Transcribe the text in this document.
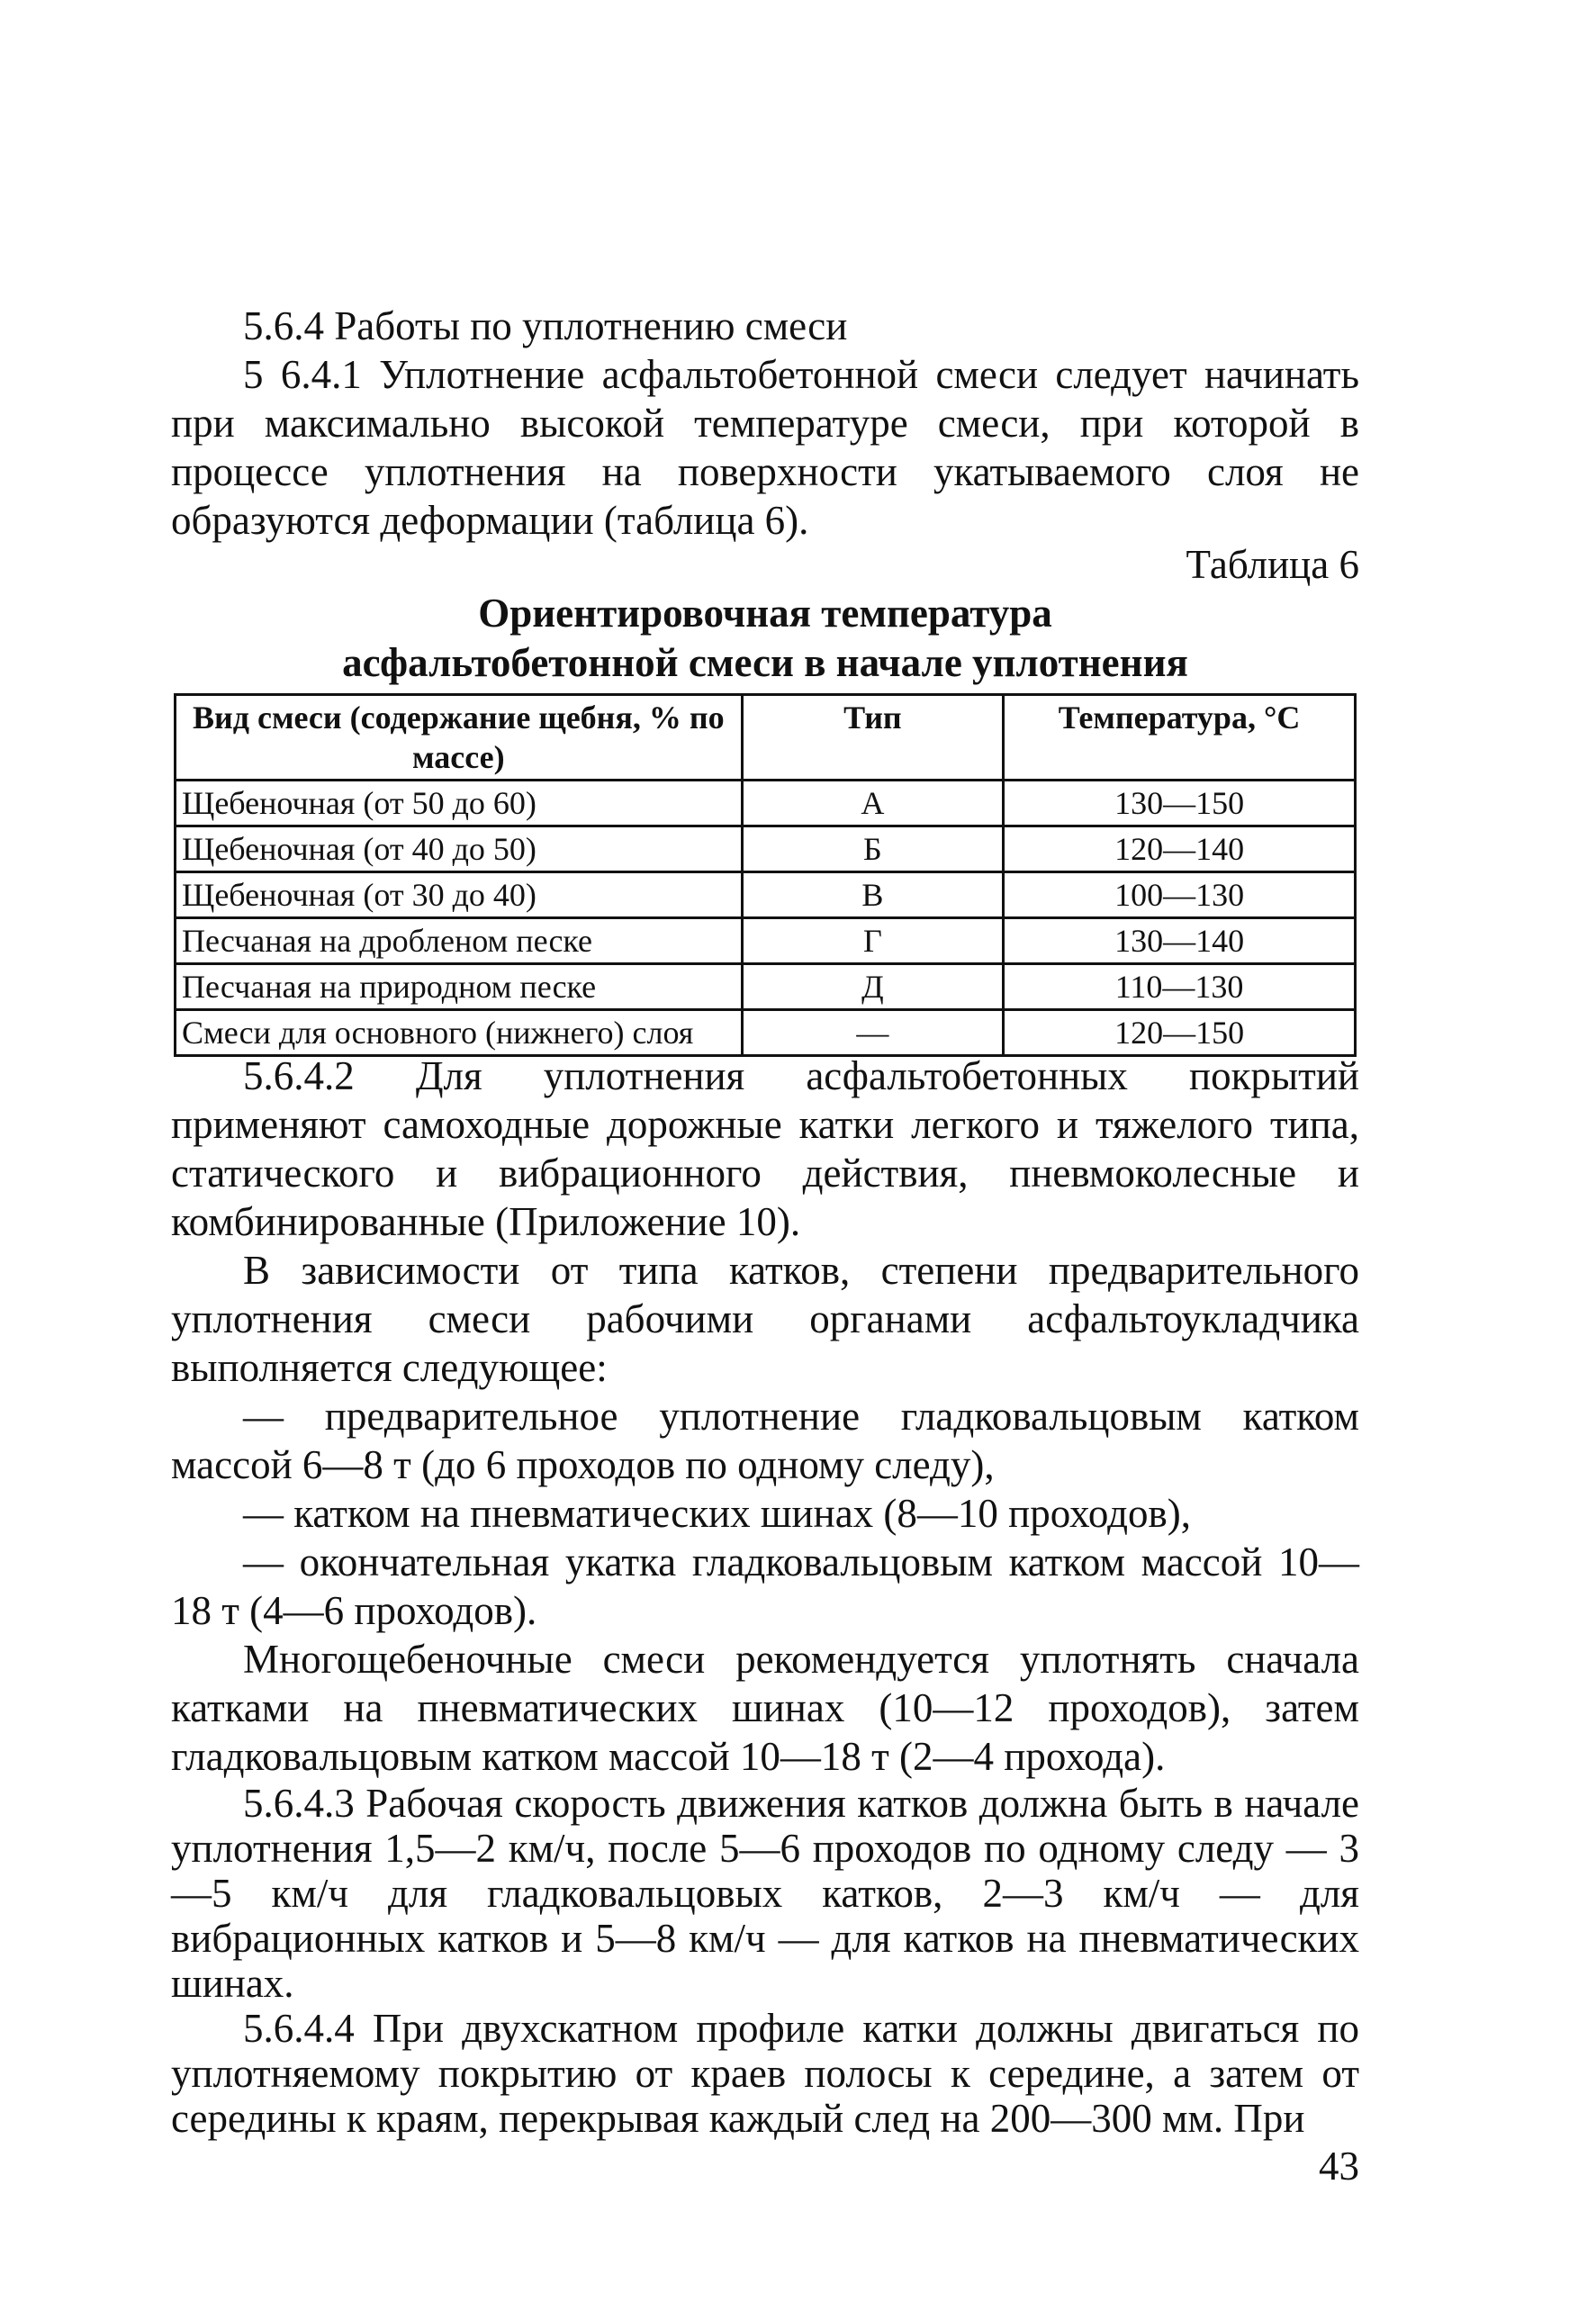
5.6.4 Работы по уплотнению смеси

5 6.4.1 Уплотнение асфальтобетонной смеси следует начинать при максимально высокой температуре смеси, при которой в процессе уплотнения на поверхности укатываемого слоя не образуются деформации (таблица 6).

Таблица 6
Ориентировочная температура
асфальтобетонной смеси в начале уплотнения
Вид смеси (содержание щебня, % по массе)	Тип	Температура, °С
Щебеночная (от 50 до 60)	А	130—150
Щебеночная (от 40 до 50)	Б	120—140
Щебеночная (от 30 до 40)	В	100—130
Песчаная на дробленом песке	Г	130—140
Песчаная на природном песке	Д	110—130
Смеси для основного (нижнего) слоя	—	120—150

5.6.4.2 Для уплотнения асфальтобетонных покрытий применяют самоходные дорожные катки легкого и тяжелого типа, статического и вибрационного действия, пневмоколесные и комбинированные (Приложение 10).

В зависимости от типа катков, степени предварительного уплотнения смеси рабочими органами асфальтоукладчика выполняется следующее:

— предварительное уплотнение гладковальцовым катком массой 6—8 т (до 6 проходов по одному следу),

— катком на пневматических шинах (8—10 проходов),

— окончательная укатка гладковальцовым катком массой 10—18 т (4—6 проходов).

Многощебеночные смеси рекомендуется уплотнять сначала катками на пневматических шинах (10—12 проходов), затем гладковальцовым катком массой 10—18 т (2—4 прохода).

5.6.4.3 Рабочая скорость движения катков должна быть в начале уплотнения 1,5—2 км/ч, после 5—6 проходов по одному следу — 3—5 км/ч для гладковальцовых катков, 2—3 км/ч — для вибрационных катков и 5—8 км/ч — для катков на пневматических шинах.

5.6.4.4 При двухскатном профиле катки должны двигаться по уплотняемому покрытию от краев полосы к середине, а затем от середины к краям, перекрывая каждый след на 200—300 мм. При

43
